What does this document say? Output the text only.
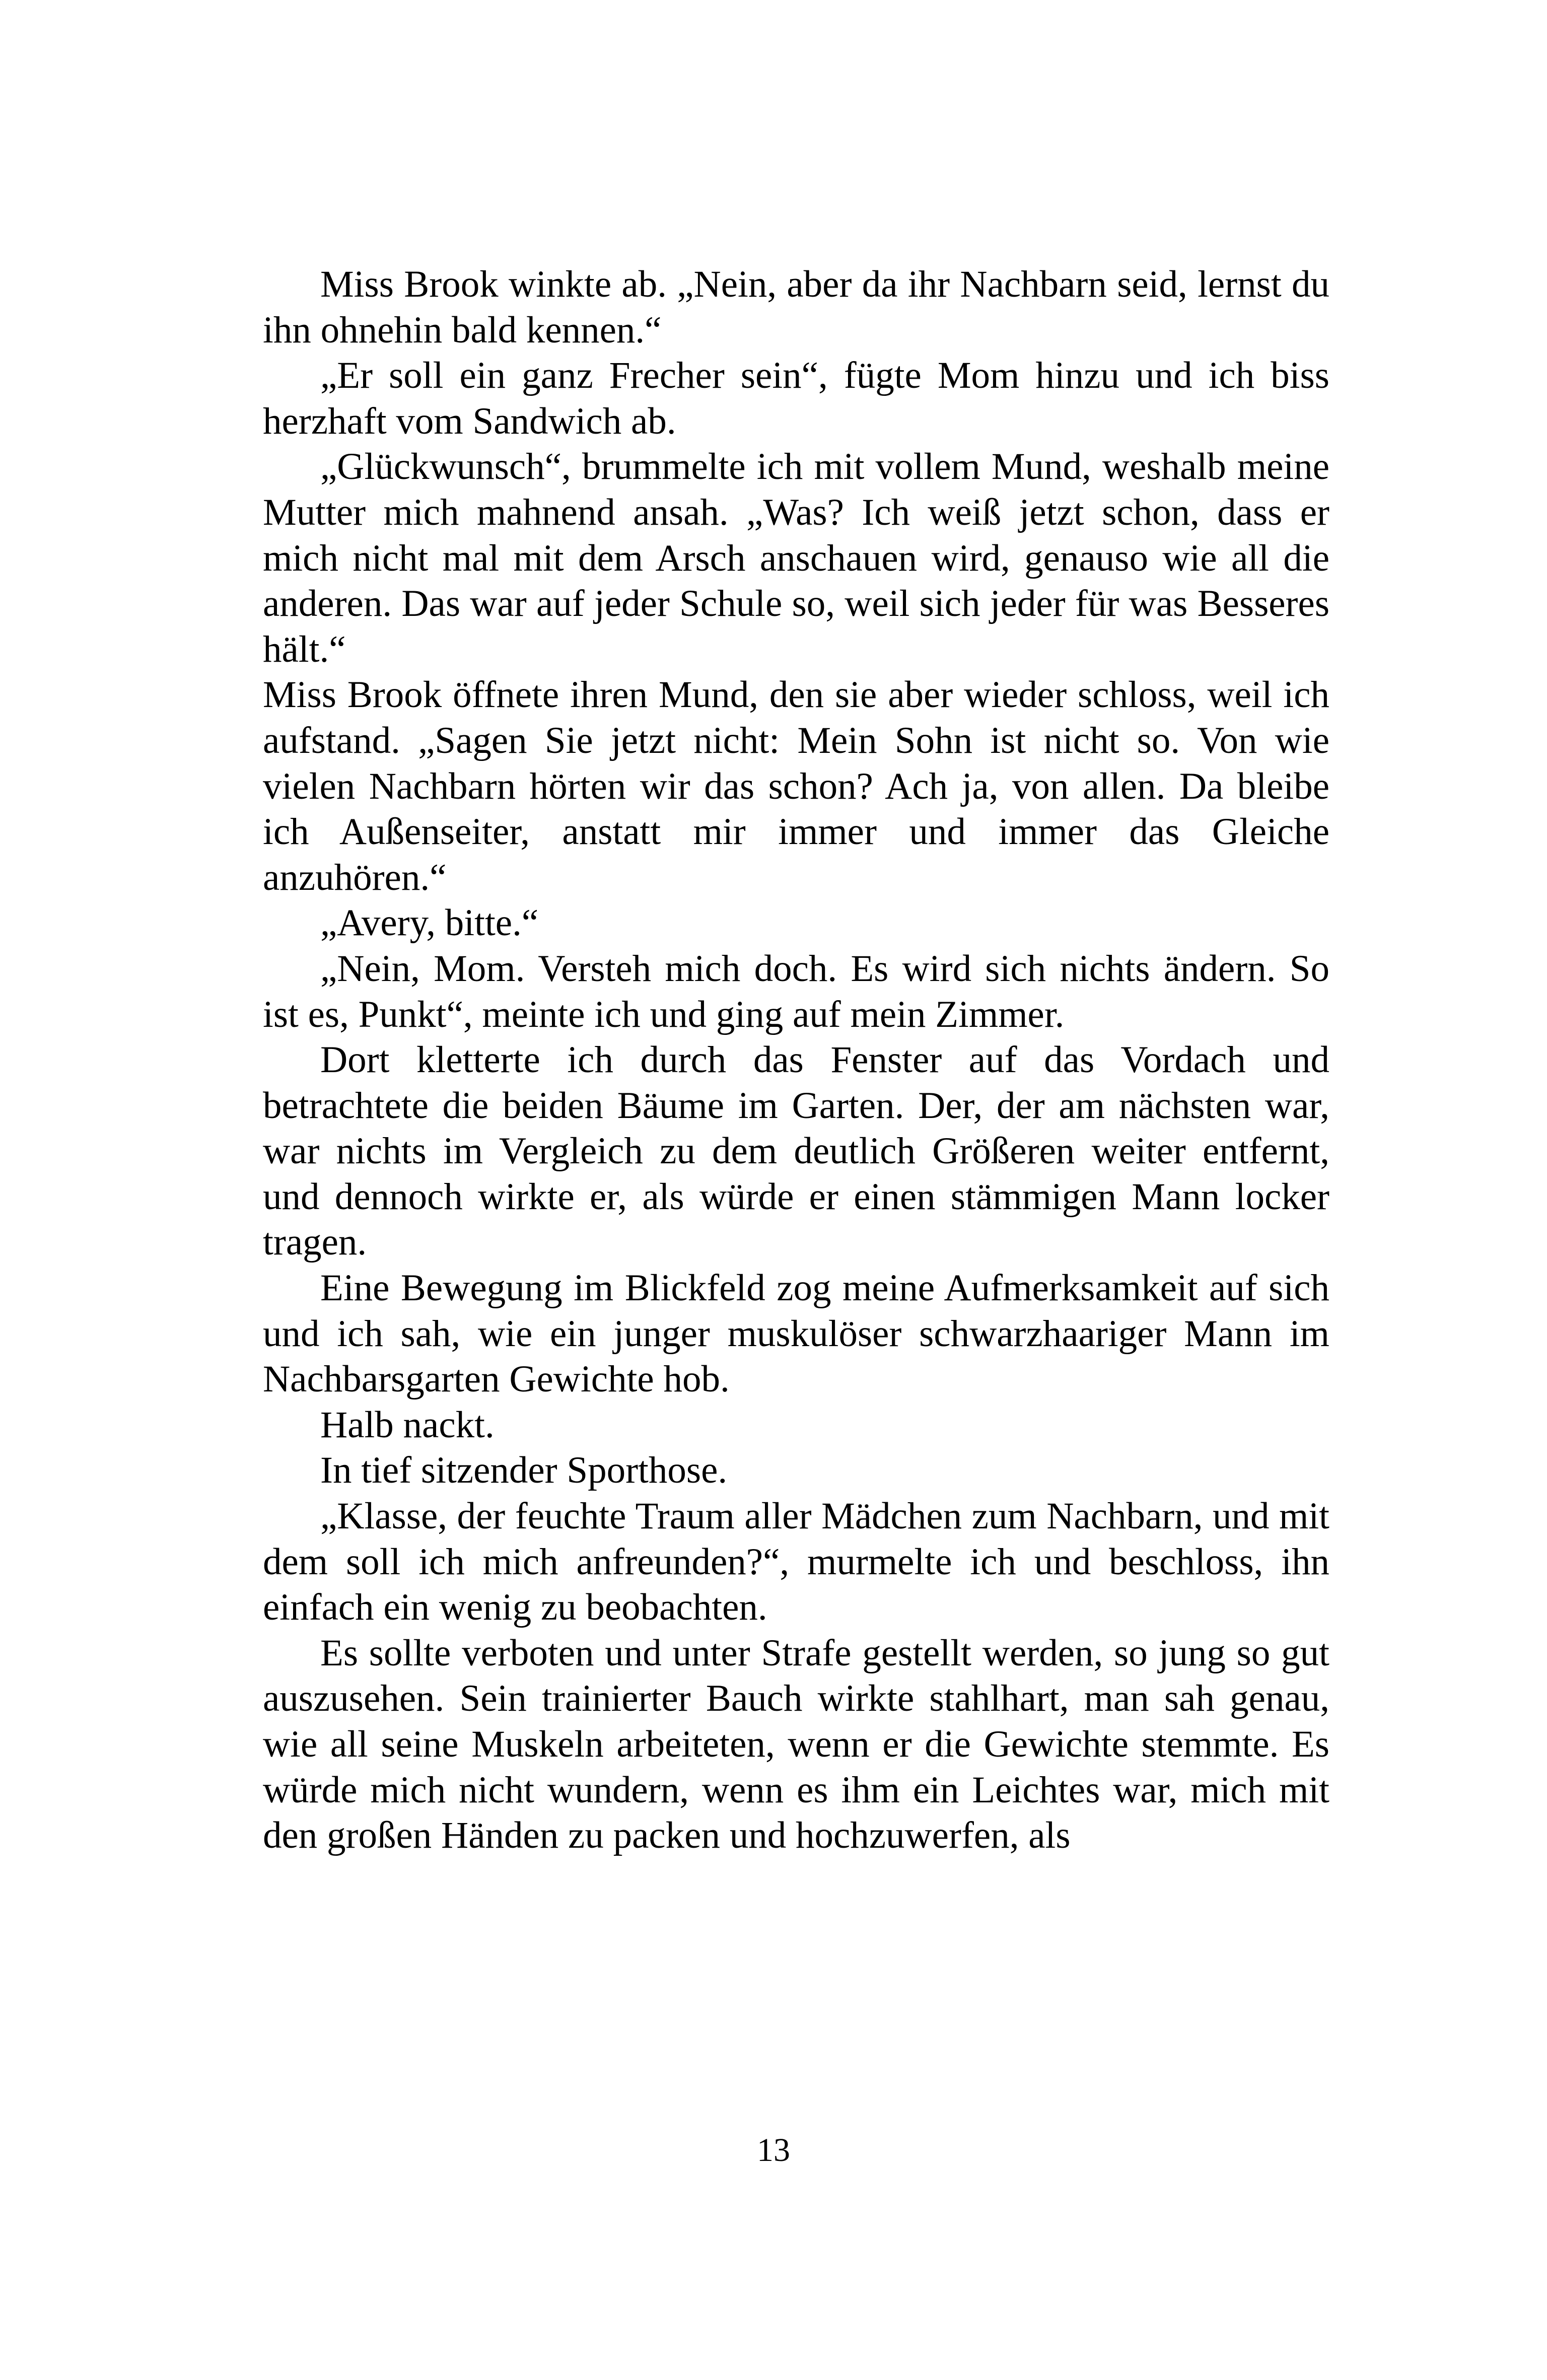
Miss Brook winkte ab. „Nein, aber da ihr Nachbarn seid, lernst du ihn ohnehin bald kennen.“

„Er soll ein ganz Frecher sein“, fügte Mom hinzu und ich biss herzhaft vom Sandwich ab.

„Glückwunsch“, brummelte ich mit vollem Mund, weshalb meine Mutter mich mahnend ansah. „Was? Ich weiß jetzt schon, dass er mich nicht mal mit dem Arsch anschauen wird, genauso wie all die anderen. Das war auf jeder Schule so, weil sich jeder für was Besseres hält.“

Miss Brook öffnete ihren Mund, den sie aber wieder schloss, weil ich aufstand. „Sagen Sie jetzt nicht: Mein Sohn ist nicht so. Von wie vielen Nachbarn hörten wir das schon? Ach ja, von allen. Da bleibe ich Außenseiter, anstatt mir immer und immer das Gleiche anzuhören.“

„Avery, bitte.“

„Nein, Mom. Versteh mich doch. Es wird sich nichts ändern. So ist es, Punkt“, meinte ich und ging auf mein Zimmer.

Dort kletterte ich durch das Fenster auf das Vordach und betrachtete die beiden Bäume im Garten. Der, der am nächsten war, war nichts im Vergleich zu dem deutlich Größeren weiter entfernt, und dennoch wirkte er, als würde er einen stämmigen Mann locker tragen.

Eine Bewegung im Blickfeld zog meine Aufmerksamkeit auf sich und ich sah, wie ein junger muskulöser schwarzhaariger Mann im Nachbarsgarten Gewichte hob.

Halb nackt.

In tief sitzender Sporthose.

„Klasse, der feuchte Traum aller Mädchen zum Nachbarn, und mit dem soll ich mich anfreunden?“, murmelte ich und beschloss, ihn einfach ein wenig zu beobachten.

Es sollte verboten und unter Strafe gestellt werden, so jung so gut auszusehen. Sein trainierter Bauch wirkte stahlhart, man sah genau, wie all seine Muskeln arbeiteten, wenn er die Gewichte stemmte. Es würde mich nicht wundern, wenn es ihm ein Leichtes war, mich mit den großen Händen zu packen und hochzuwerfen, als

13
